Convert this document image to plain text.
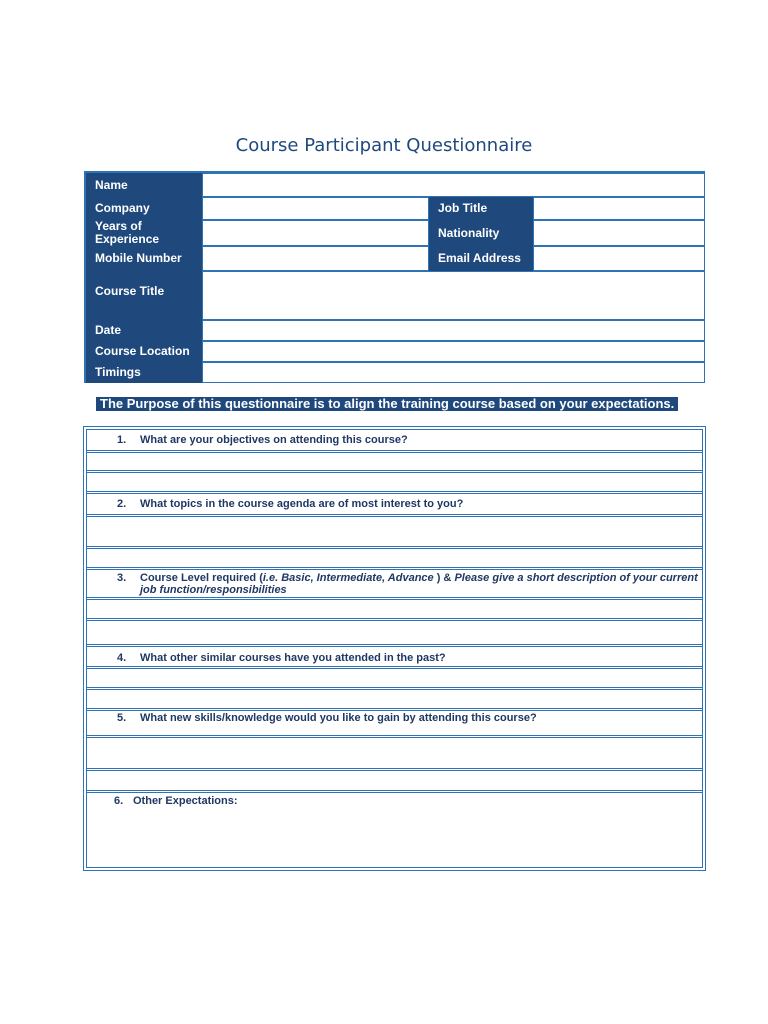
Course Participant Questionnaire
Name
Company	Job Title
Years of Experience	Nationality
Mobile Number	Email Address
Course Title
Date
Course Location
Timings
The Purpose of this questionnaire is to align the training course based on your expectations.
1. What are your objectives on attending this course?
2. What topics in the course agenda are of most interest to you?
3. Course Level required (i.e. Basic, Intermediate, Advance ) & Please give a short description of your current job function/responsibilities
4. What other similar courses have you attended in the past?
5. What new skills/knowledge would you like to gain by attending this course?
6. Other Expectations:
